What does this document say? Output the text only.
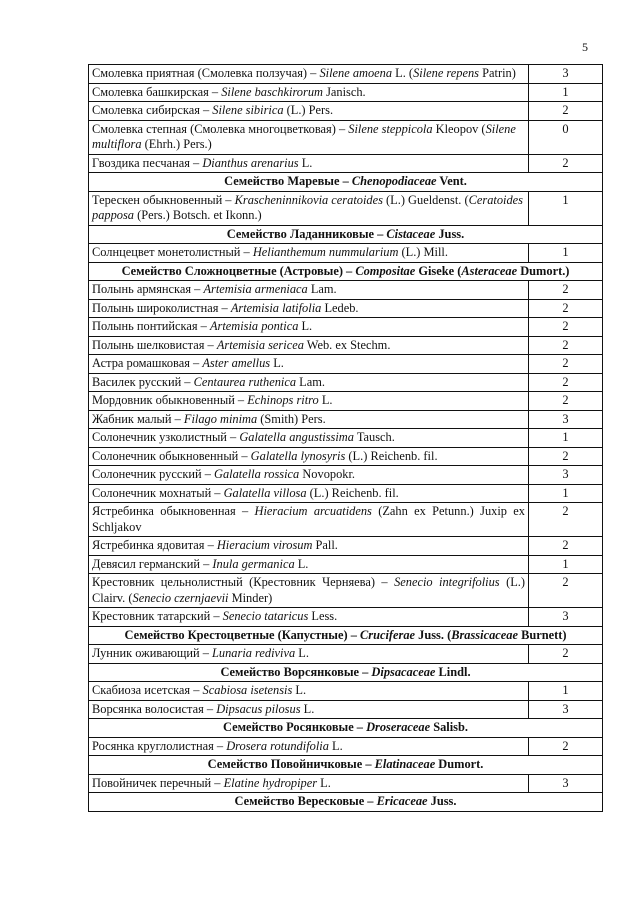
5
Смолевка приятная (Смолевка ползучая) – Silene amoena L. (Silene repens Patrin)	3
Смолевка башкирская – Silene baschkirorum Janisch.	1
Смолевка сибирская – Silene sibirica (L.) Pers.	2
Смолевка степная (Смолевка многоцветковая) – Silene steppicola Kleopov (Silene multiflora (Ehrh.) Pers.)	0
Гвоздика песчаная – Dianthus arenarius L.	2
Семейство Маревые – Chenopodiaceae Vent.	
Терескен обыкновенный – Krascheninnikovia ceratoides (L.) Gueldenst. (Ceratoides papposa (Pers.) Botsch. et Ikonn.)	1
Семейство Ладанниковые – Cistaceae Juss.	
Солнцецвет монетолистный – Helianthemum nummularium (L.) Mill.	1
Семейство Сложноцветные (Астровые) – Compositae Giseke (Asteraceae Dumort.)	
Полынь армянская – Artemisia armeniaca Lam.	2
Полынь широколистная – Artemisia latifolia Ledeb.	2
Полынь понтийская – Artemisia pontica L.	2
Полынь шелковистая – Artemisia sericea Web. ex Stechm.	2
Астра ромашковая – Aster amellus L.	2
Василек русский – Centaurea ruthenica Lam.	2
Мордовник обыкновенный – Echinops ritro L.	2
Жабник малый – Filago minima (Smith) Pers.	3
Солонечник узколистный – Galatella angustissima Tausch.	1
Солонечник обыкновенный – Galatella lynosyris (L.) Reichenb. fil.	2
Солонечник русский – Galatella rossica Novopokr.	3
Солонечник мохнатый – Galatella villosa (L.) Reichenb. fil.	1
Ястребинка обыкновенная – Hieracium arcuatidens (Zahn ex Petunn.) Juxip ex Schljakov	2
Ястребинка ядовитая – Hieracium virosum Pall.	2
Девясил германский – Inula germanica L.	1
Крестовник цельнолистный (Крестовник Черняева) – Senecio integrifolius (L.) Clairv. (Senecio czernjaevii Minder)	2
Крестовник татарский – Senecio tataricus Less.	3
Семейство Крестоцветные (Капустные) – Cruciferae Juss. (Brassicaceae Burnett)	
Лунник оживающий – Lunaria rediviva L.	2
Семейство Ворсянковые – Dipsacaceae Lindl.	
Скабиоза исетская – Scabiosa isetensis L.	1
Ворсянка волосистая – Dipsacus pilosus L.	3
Семейство Росянковые – Droseraceae Salisb.	
Росянка круглолистная – Drosera rotundifolia L.	2
Семейство Повойничковые – Elatinaceae Dumort.	
Повойничек перечный – Elatine hydropiper L.	3
Семейство Вересковые – Ericaceae Juss.	
